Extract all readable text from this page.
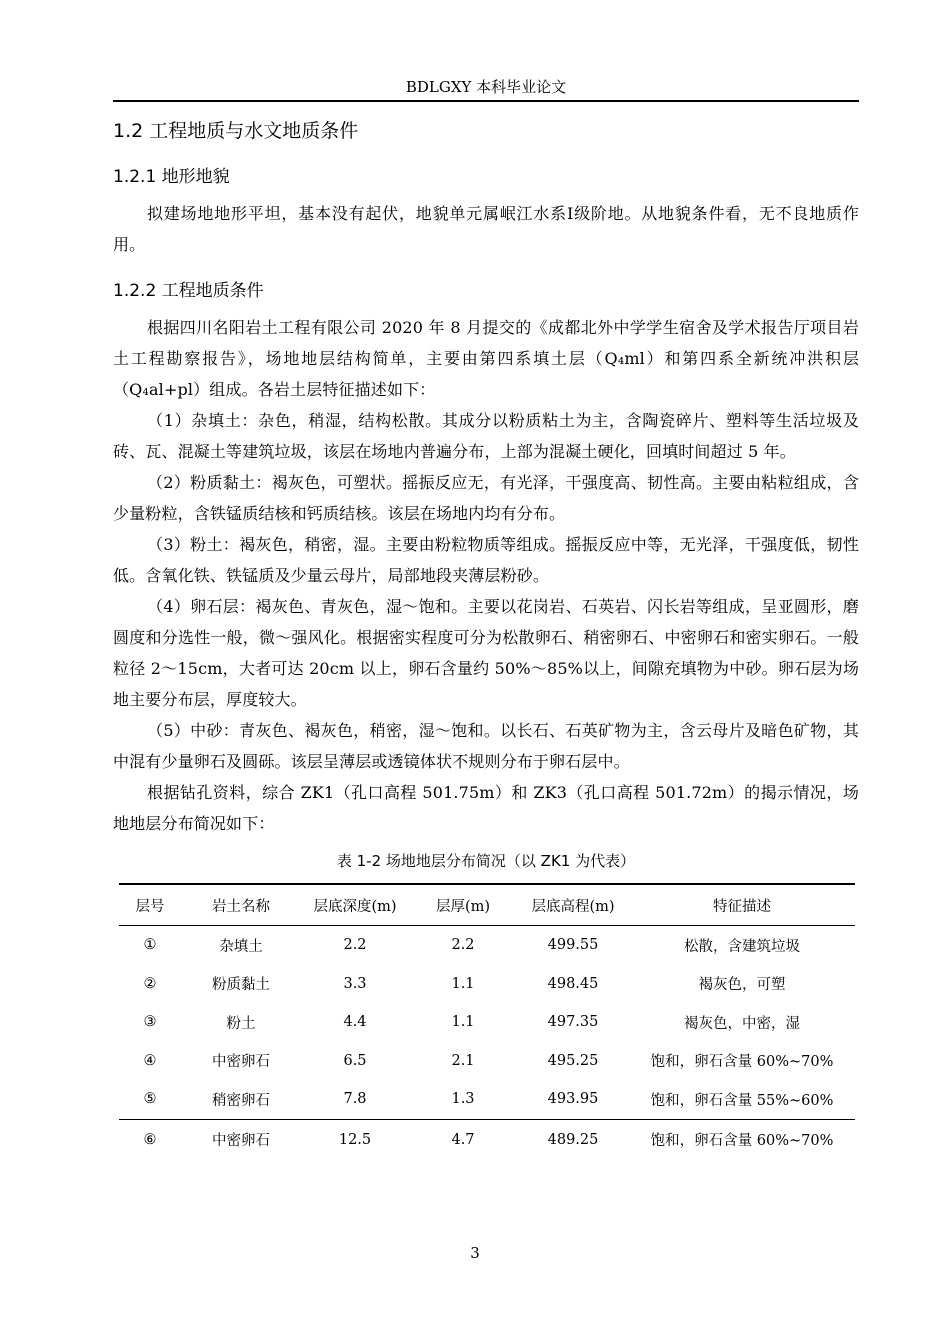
BDLGXY 本科毕业论文
1.2 工程地质与水文地质条件
1.2.1 地形地貌

拟建场地地形平坦，基本没有起伏，地貌单元属岷江水系Ⅰ级阶地。从地貌条件看，无不良地质作用。

1.2.2 工程地质条件

根据四川名阳岩土工程有限公司 2020 年 8 月提交的《成都北外中学学生宿舍及学术报告厅项目岩土工程勘察报告》，场地地层结构简单，主要由第四系填土层（Q₄ml）和第四系全新统冲洪积层（Q₄al+pl）组成。各岩土层特征描述如下：

（1）杂填土：杂色，稍湿，结构松散。其成分以粉质粘土为主，含陶瓷碎片、塑料等生活垃圾及砖、瓦、混凝土等建筑垃圾，该层在场地内普遍分布，上部为混凝土硬化，回填时间超过 5 年。

（2）粉质黏土：褐灰色，可塑状。摇振反应无，有光泽，干强度高、韧性高。主要由粘粒组成，含少量粉粒，含铁锰质结核和钙质结核。该层在场地内均有分布。

（3）粉土：褐灰色，稍密，湿。主要由粉粒物质等组成。摇振反应中等，无光泽，干强度低，韧性低。含氧化铁、铁锰质及少量云母片，局部地段夹薄层粉砂。

（4）卵石层：褐灰色、青灰色，湿～饱和。主要以花岗岩、石英岩、闪长岩等组成，呈亚圆形，磨圆度和分选性一般，微～强风化。根据密实程度可分为松散卵石、稍密卵石、中密卵石和密实卵石。一般粒径 2～15cm，大者可达 20cm 以上，卵石含量约 50%～85%以上，间隙充填物为中砂。卵石层为场地主要分布层，厚度较大。

（5）中砂：青灰色、褐灰色，稍密，湿～饱和。以长石、石英矿物为主，含云母片及暗色矿物，其中混有少量卵石及圆砾。该层呈薄层或透镜体状不规则分布于卵石层中。

根据钻孔资料，综合 ZK1（孔口高程 501.75m）和 ZK3（孔口高程 501.72m）的揭示情况，场地地层分布简况如下：

表 1-2 场地地层分布简况（以 ZK1 为代表）
层号	岩土名称	层底深度(m)	层厚(m)	层底高程(m)	特征描述
①	杂填土	2.2	2.2	499.55	松散，含建筑垃圾
②	粉质黏土	3.3	1.1	498.45	褐灰色，可塑
③	粉土	4.4	1.1	497.35	褐灰色，中密，湿
④	中密卵石	6.5	2.1	495.25	饱和，卵石含量 60%~70%
⑤	稍密卵石	7.8	1.3	493.95	饱和，卵石含量 55%~60%
⑥	中密卵石	12.5	4.7	489.25	饱和，卵石含量 60%~70%
3
